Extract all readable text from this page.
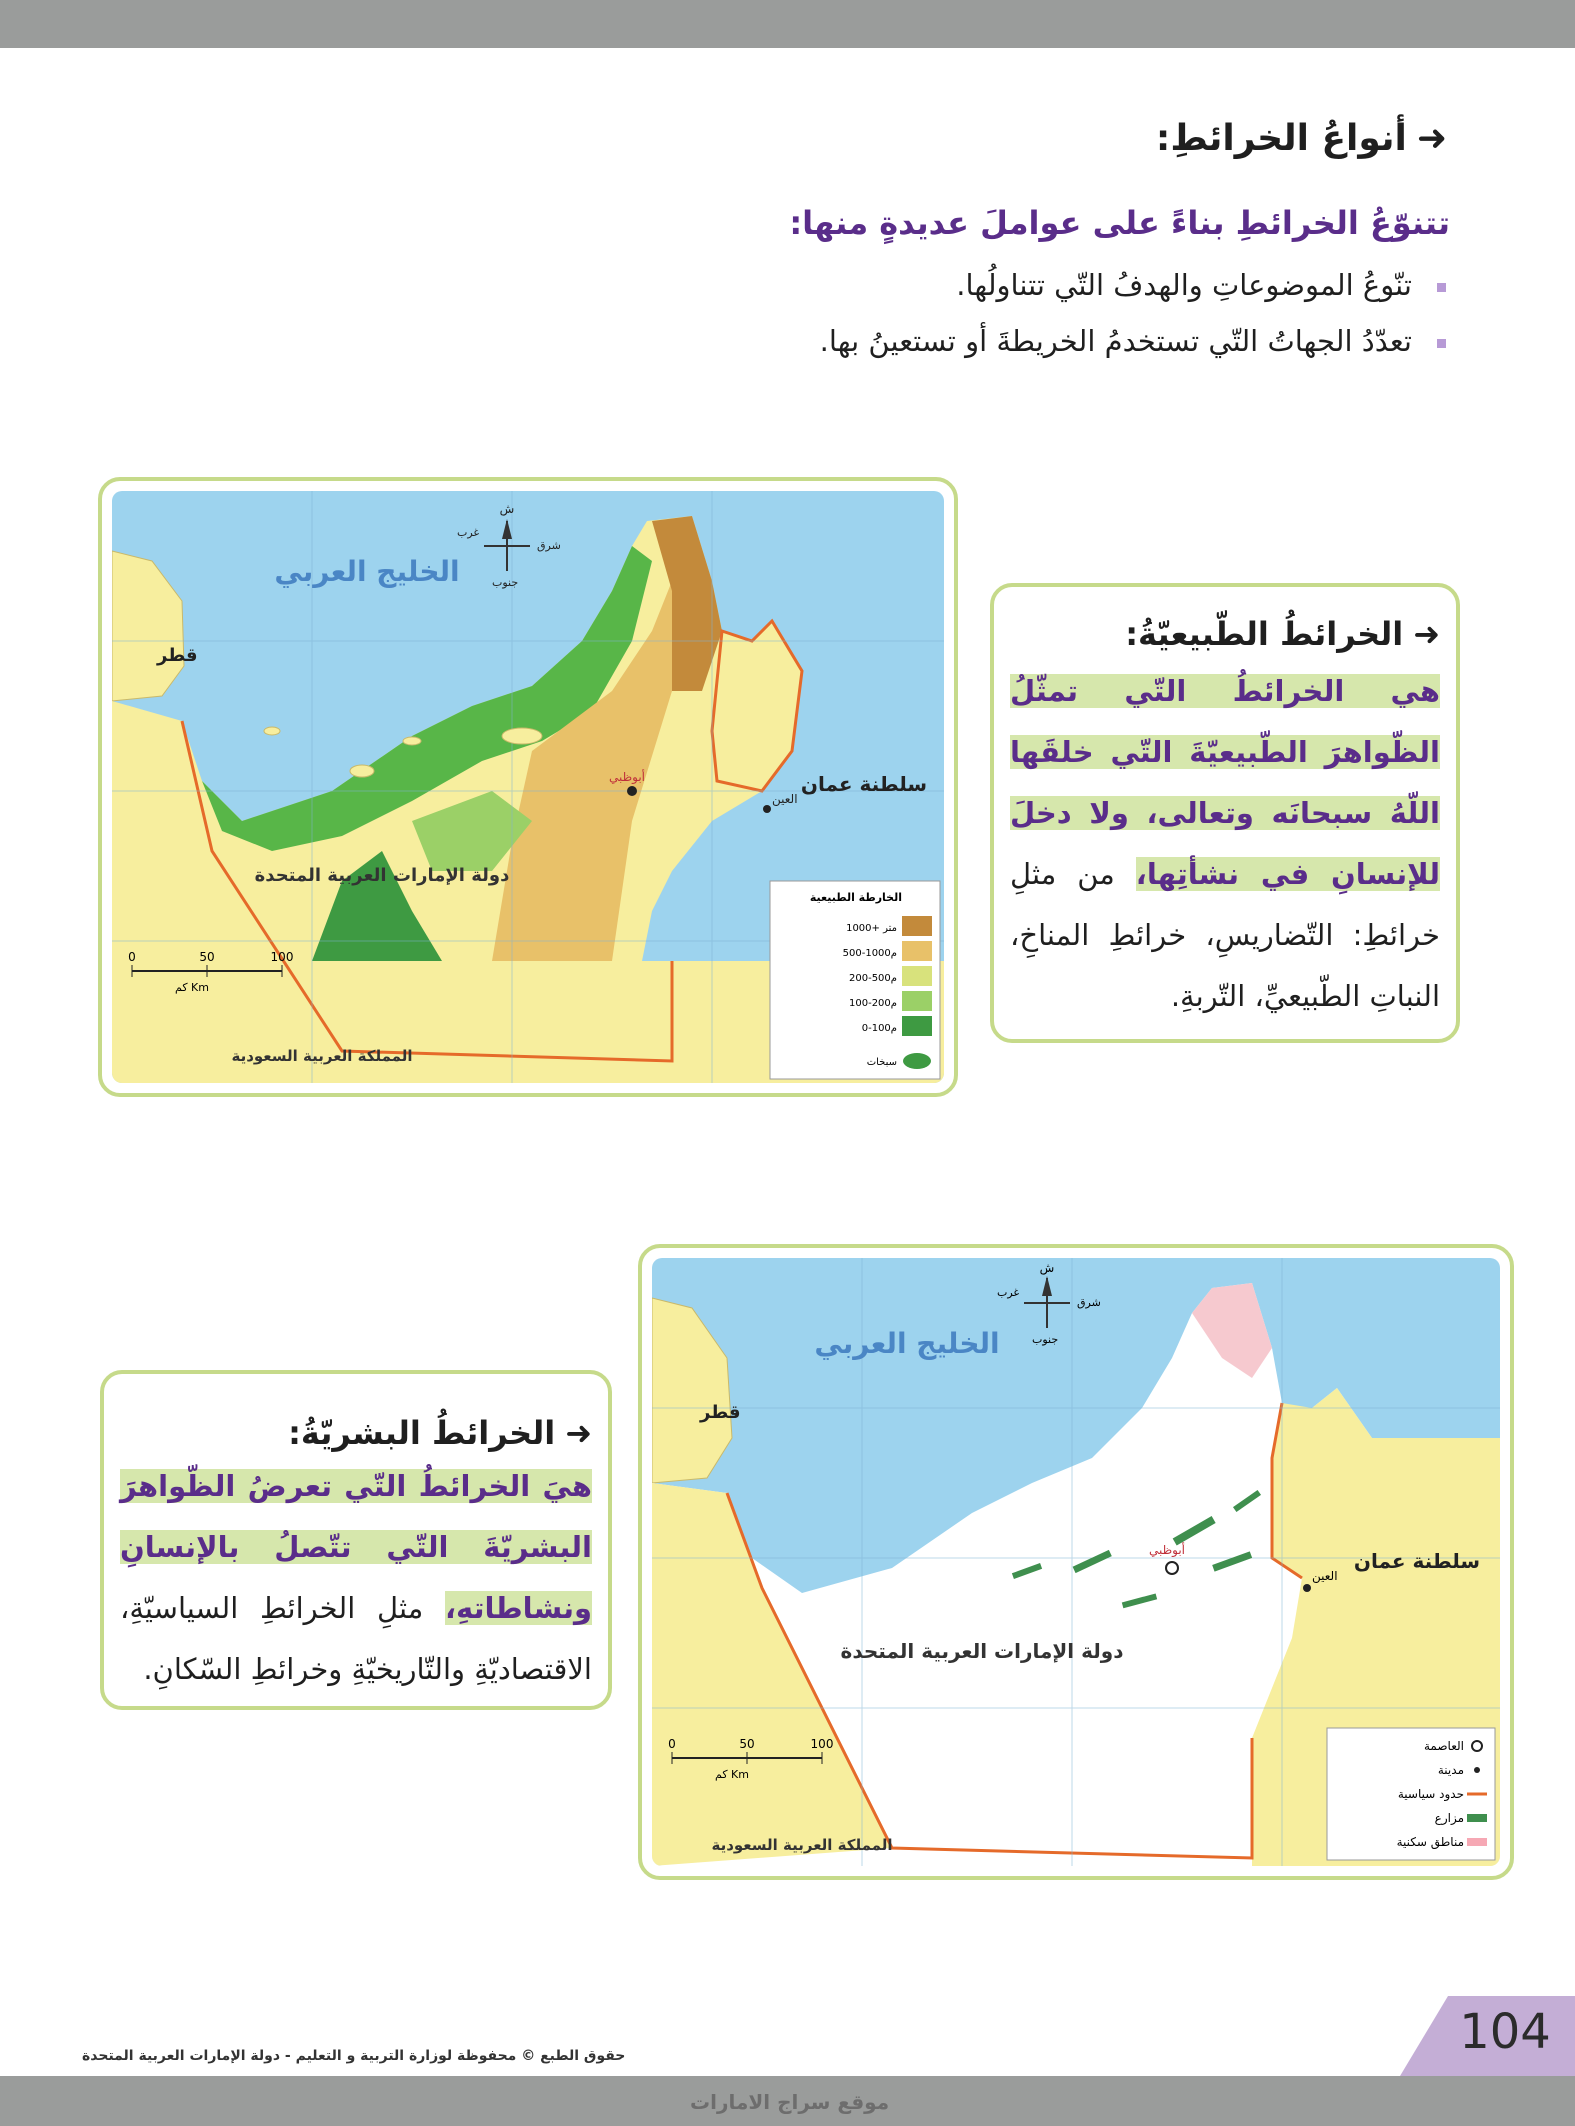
➜أنواعُ الخرائطِ:
تتنوّعُ الخرائطِ بناءً على عواملَ عديدةٍ منها:
تنّوعُ الموضوعاتِ والهدفُ التّي تتناولُها.
تعدّدُ الجهاتُ التّي تستخدمُ الخريطةَ أو تستعينُ بها.
ش
شرق
غرب
جنوب
الخليج العربي
قطر
دولة الإمارات العربية المتحدة
المملكة العربية السعودية
سلطنة عمان
أبوظبي
العين
0	50	100
كم Km
الخارطة الطبيعية
1000+ متر
500-1000م
200-500م
100-200م
0-100م
سبخات
➜الخرائطُ الطّبيعيّةُ:
هي الخرائطُ التّي تمثّلُ الظّواهرَ الطّبيعيّةَ التّي خلقَها اللّهُ سبحانَه وتعالى، ولا دخلَ للإنسانِ في نشأتِها، من مثلِ خرائطِ: التّضاريسِ، خرائطِ المناخِ، النباتِ الطّبيعيِّ، التّربةِ.
➜الخرائطُ البشريّةُ:
هيَ الخرائطُ التّي تعرضُ الظّواهرَ البشريّةَ التّي تتّصلُ بالإنسانِ ونشاطاتهِ، مثلِ الخرائطِ السياسيّةِ، الاقتصاديّةِ والتّاريخيّةِ وخرائطِ السّكانِ.
ش
شرق
غرب
جنوب
الخليج العربي
قطر
دولة الإمارات العربية المتحدة
المملكة العربية السعودية
سلطنة عمان
أبوظبي
العين
0	50	100
كم Km
العاصمة
مدينة
حدود سياسية
مزارع
مناطق سكنية
حقوق الطبع © محفوظة لوزارة التربية و التعليم - دولة الإمارات العربية المتحدة	104
موقع سراج الامارات
